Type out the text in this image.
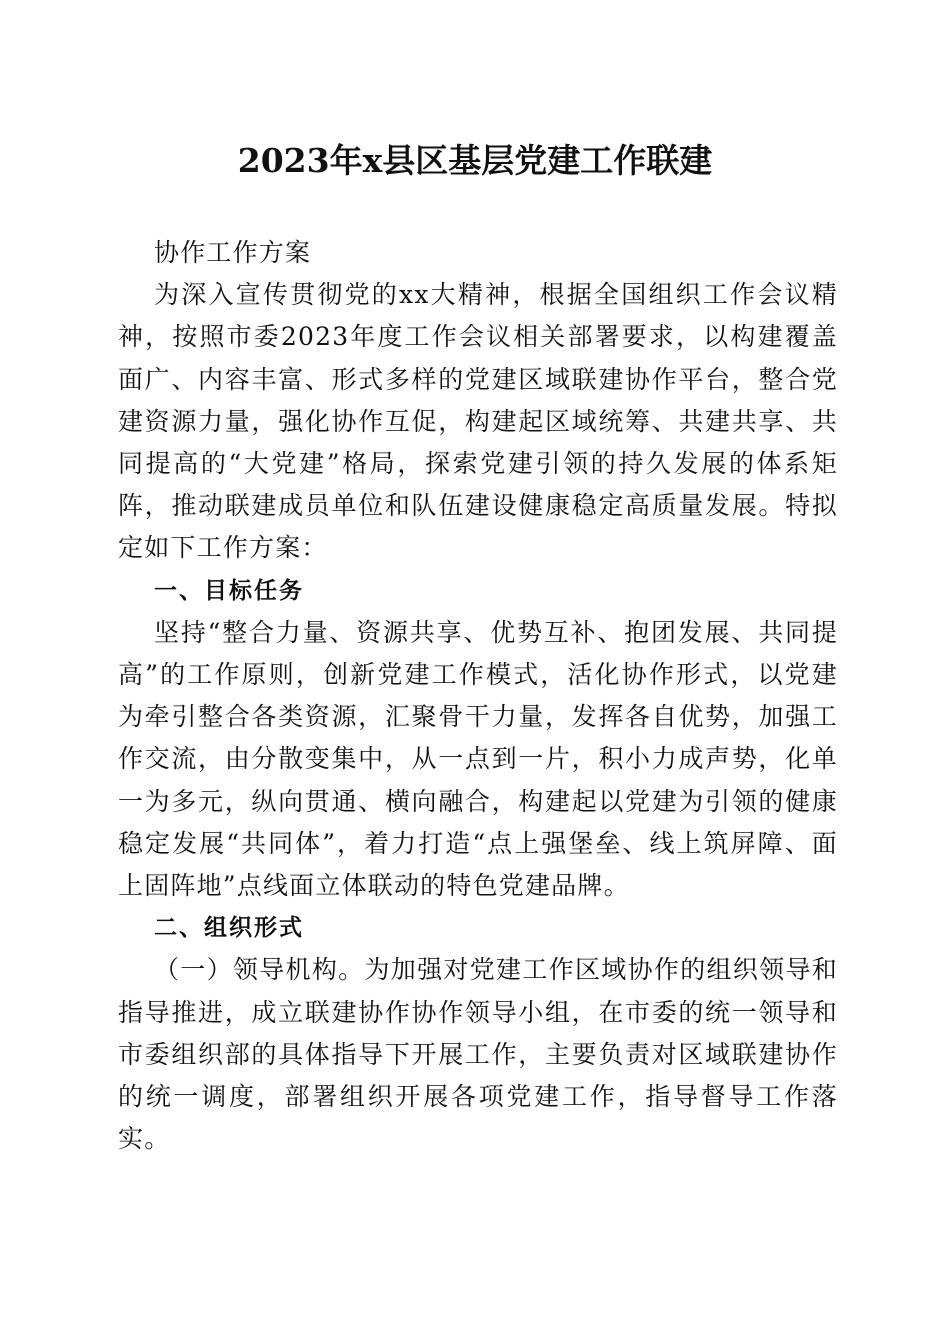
2023年x县区基层党建工作联建

协作工作方案

为深入宣传贯彻党的xx大精神，根据全国组织工作会议精神，按照市委2023年度工作会议相关部署要求，以构建覆盖面广、内容丰富、形式多样的党建区域联建协作平台，整合党建资源力量，强化协作互促，构建起区域统筹、共建共享、共同提高的“大党建”格局，探索党建引领的持久发展的体系矩阵，推动联建成员单位和队伍建设健康稳定高质量发展。特拟定如下工作方案：

一、目标任务

坚持“整合力量、资源共享、优势互补、抱团发展、共同提高”的工作原则，创新党建工作模式，活化协作形式，以党建为牵引整合各类资源，汇聚骨干力量，发挥各自优势，加强工作交流，由分散变集中，从一点到一片，积小力成声势，化单一为多元，纵向贯通、横向融合，构建起以党建为引领的健康稳定发展“共同体”，着力打造“点上强堡垒、线上筑屏障、面上固阵地”点线面立体联动的特色党建品牌。

二、组织形式

（一）领导机构。为加强对党建工作区域协作的组织领导和指导推进，成立联建协作协作领导小组，在市委的统一领导和市委组织部的具体指导下开展工作，主要负责对区域联建协作的统一调度，部署组织开展各项党建工作，指导督导工作落实。
